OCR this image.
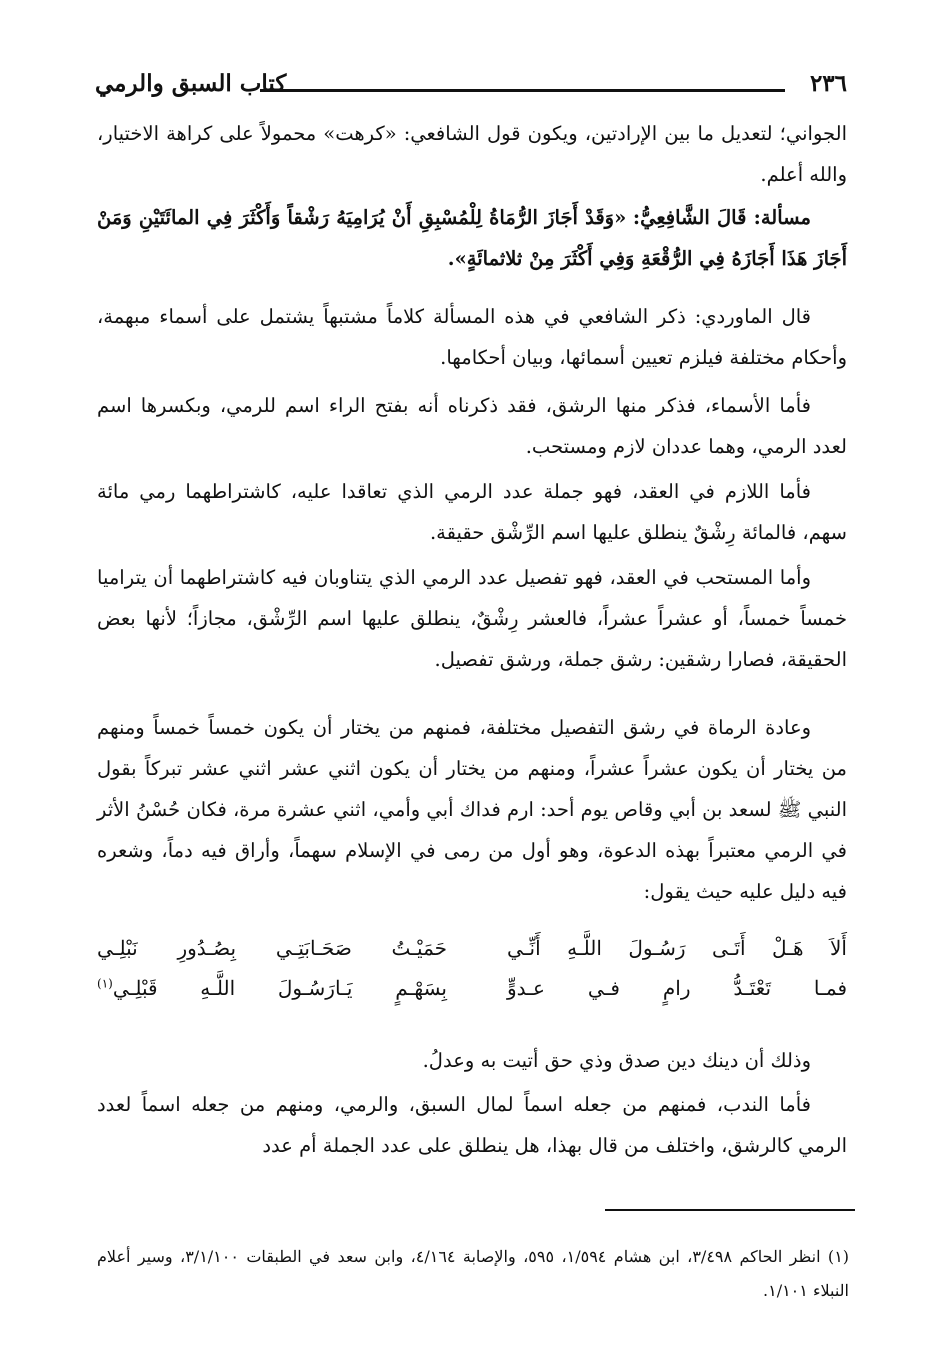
٢٣٦
كتاب السبق والرمي

الجواني؛ لتعديل ما بين الإرادتين، ويكون قول الشافعي: «كرهت» محمولاً على كراهة الاختيار، والله أعلم.

مسألة: قَالَ الشَّافِعِيُّ: «وَقَدْ أَجَازَ الرُّمَاةُ لِلْمُسْبِقِ أَنْ يُرَامِيَهُ رَشْقاً وَأَكْثَرَ فِي المائَتَيْنِ وَمَنْ أَجَازَ هَذَا أَجَازَهُ فِي الرُّقْعَةِ وَفِي أَكْثَرَ مِنْ ثلاثمائَةٍ».

قال الماوردي: ذكر الشافعي في هذه المسألة كلاماً مشتبهاً يشتمل على أسماء مبهمة، وأحكام مختلفة فيلزم تعيين أسمائها، وبيان أحكامها.

فأما الأسماء، فذكر منها الرشق، فقد ذكرناه أنه بفتح الراء اسم للرمي، وبكسرها اسم لعدد الرمي، وهما عددان لازم ومستحب.

فأما اللازم في العقد، فهو جملة عدد الرمي الذي تعاقدا عليه، كاشتراطهما رمي مائة سهم، فالمائة رِشْقٌ ينطلق عليها اسم الرِّشْق حقيقة.

وأما المستحب في العقد، فهو تفصيل عدد الرمي الذي يتناوبان فيه كاشتراطهما أن يتراميا خمساً خمساً، أو عشراً عشراً، فالعشر رِشْقٌ، ينطلق عليها اسم الرِّشْق، مجازاً؛ لأنها بعض الحقيقة، فصارا رشقين: رشق جملة، ورشق تفصيل.

وعادة الرماة في رشق التفصيل مختلفة، فمنهم من يختار أن يكون خمساً خمساً ومنهم من يختار أن يكون عشراً عشراً، ومنهم من يختار أن يكون اثني عشر اثني عشر تبركاً بقول النبي ﷺ لسعد بن أبي وقاص يوم أحد: ارم فداك أبي وأمي، اثني عشرة مرة، فكان حُسْنُ الأثر في الرمي معتبراً بهذه الدعوة، وهو أول من رمى في الإسلام سهماً، وأراق فيه دماً، وشعره فيه دليل عليه حيث يقول:

أَلاَ هَـلْ أَتَـى رَسُـولَ اللَّـهِ أَنِّـي
حَمَيْـتُ صَحَـابَتِـي بِصُـدُورِ نَبْلِـي
فمـا تَعْتَـدُّ رامٍ فـي عـدوٍّ
بِسَهْـمٍ يَـارَسُـولَ اللَّـهِ قَبْلِـي$^{(١)}$

وذلك أن دينك دين صدق وذي حق أتيت به وعدلُ.

فأما الندب، فمنهم من جعله اسماً لمال السبق، والرمي، ومنهم من جعله اسماً لعدد الرمي كالرشق، واختلف من قال بهذا، هل ينطلق على عدد الجملة أم عدد

(١) انظر الحاكم ٣/٤٩٨، ابن هشام ١/٥٩٤، ٥٩٥، والإصابة ٤/١٦٤، وابن سعد في الطبقات ٣/١/١٠٠، وسير أعلام النبلاء ١/١٠١.
